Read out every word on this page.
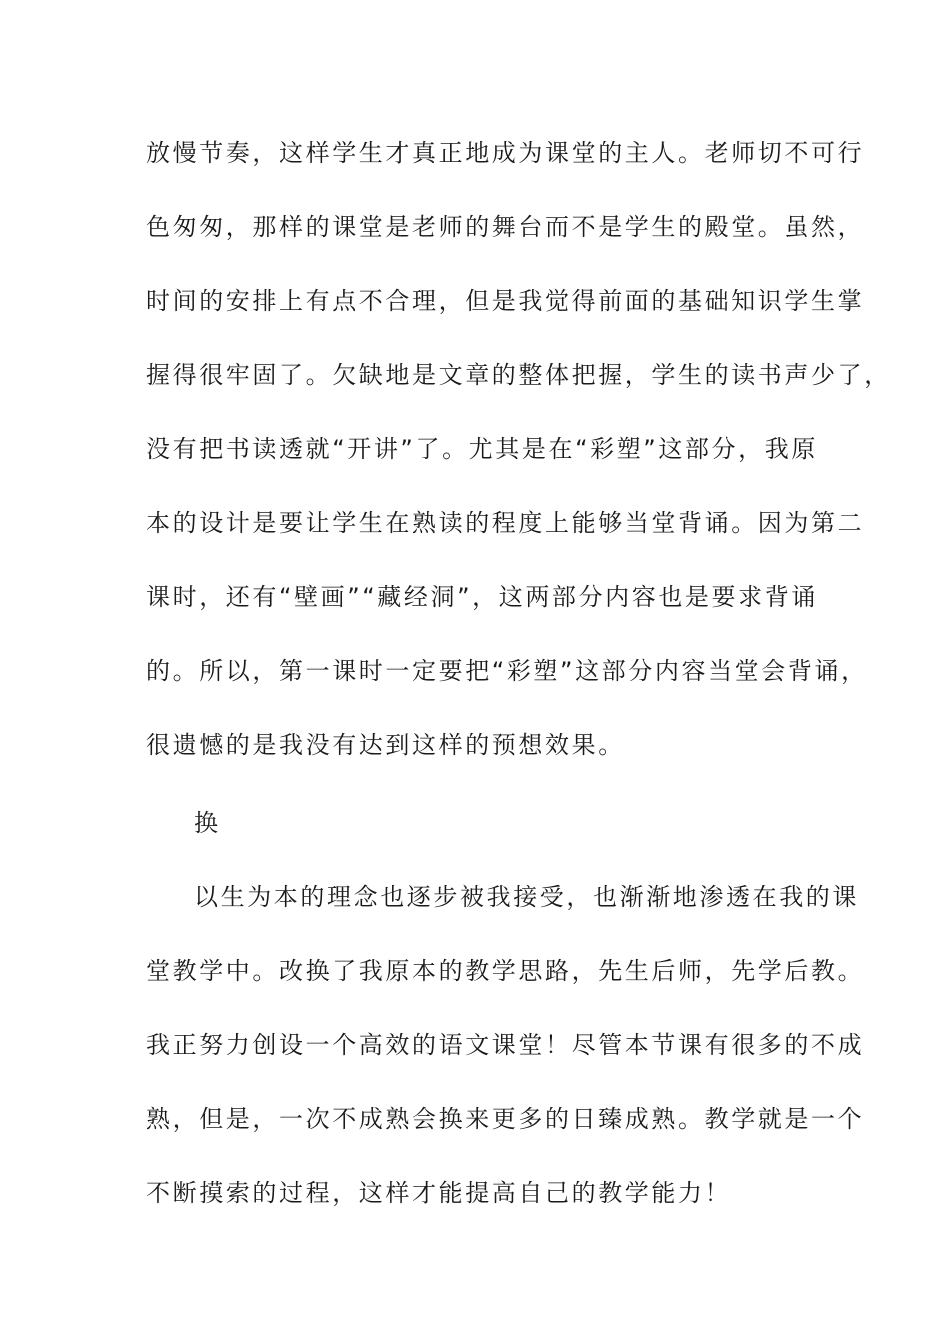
放慢节奏，这样学生才真正地成为课堂的主人。老师切不可行
色匆匆，那样的课堂是老师的舞台而不是学生的殿堂。虽然，
时间的安排上有点不合理，但是我觉得前面的基础知识学生掌
握得很牢固了。欠缺地是文章的整体把握，学生的读书声少了，
没有把书读透就“开讲”了。尤其是在“彩塑”这部分，我原
本的设计是要让学生在熟读的程度上能够当堂背诵。因为第二
课时，还有“壁画”“藏经洞”，这两部分内容也是要求背诵
的。所以，第一课时一定要把“彩塑”这部分内容当堂会背诵，
很遗憾的是我没有达到这样的预想效果。
换
以生为本的理念也逐步被我接受，也渐渐地渗透在我的课
堂教学中。改换了我原本的教学思路，先生后师，先学后教。
我正努力创设一个高效的语文课堂！尽管本节课有很多的不成
熟，但是，一次不成熟会换来更多的日臻成熟。教学就是一个
不断摸索的过程，这样才能提高自己的教学能力！
